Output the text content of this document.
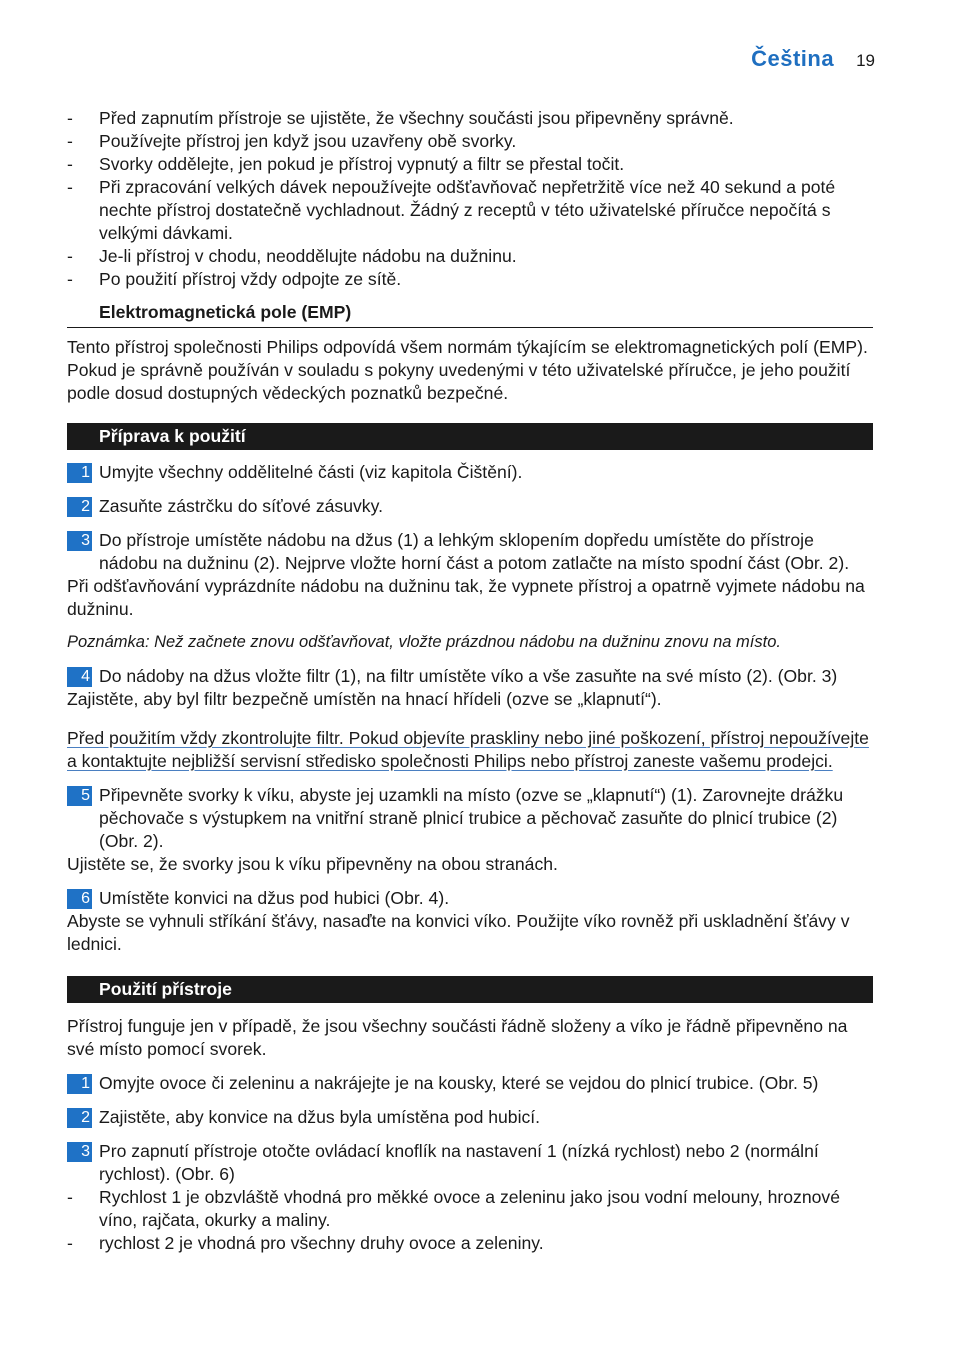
Čeština 19
- Před zapnutím přístroje se ujistěte, že všechny součásti jsou připevněny správně.
- Používejte přístroj jen když jsou uzavřeny obě svorky.
- Svorky oddělejte, jen pokud je přístroj vypnutý a filtr se přestal točit.
- Při zpracování velkých dávek nepoužívejte odšťavňovač nepřetržitě více než 40 sekund a poté nechte přístroj dostatečně vychladnout. Žádný z receptů v této uživatelské příručce nepočítá s velkými dávkami.
- Je-li přístroj v chodu, neoddělujte nádobu na dužninu.
- Po použití přístroj vždy odpojte ze sítě.
Elektromagnetická pole (EMP)
Tento přístroj společnosti Philips odpovídá všem normám týkajícím se elektromagnetických polí (EMP). Pokud je správně používán v souladu s pokyny uvedenými v této uživatelské příručce, je jeho použití podle dosud dostupných vědeckých poznatků bezpečné.
Příprava k použití
1 Umyjte všechny oddělitelné části (viz kapitola Čištění).
2 Zasuňte zástrčku do síťové zásuvky.
3 Do přístroje umístěte nádobu na džus (1) a lehkým sklopením dopředu umístěte do přístroje nádobu na dužninu (2). Nejprve vložte horní část a potom zatlačte na místo spodní část (Obr. 2).
Při odšťavňování vyprázdníte nádobu na dužninu tak, že vypnete přístroj a opatrně vyjmete nádobu na dužninu.
Poznámka: Než začnete znovu odšťavňovat, vložte prázdnou nádobu na dužninu znovu na místo.
4 Do nádoby na džus vložte filtr (1), na filtr umístěte víko a vše zasuňte na své místo (2). (Obr. 3)
Zajistěte, aby byl filtr bezpečně umístěn na hnací hřídeli (ozve se „klapnutí“).
Před použitím vždy zkontrolujte filtr. Pokud objevíte praskliny nebo jiné poškození, přístroj nepoužívejte a kontaktujte nejbližší servisní středisko společnosti Philips nebo přístroj zaneste vašemu prodejci.
5 Připevněte svorky k víku, abyste jej uzamkli na místo (ozve se „klapnutí“) (1). Zarovnejte drážku pěchovače s výstupkem na vnitřní straně plnicí trubice a pěchovač zasuňte do plnicí trubice (2) (Obr. 2).
Ujistěte se, že svorky jsou k víku připevněny na obou stranách.
6 Umístěte konvici na džus pod hubici (Obr. 4).
Abyste se vyhnuli stříkání šťávy, nasaďte na konvici víko. Použijte víko rovněž při uskladnění šťávy v lednici.
Použití přístroje
Přístroj funguje jen v případě, že jsou všechny součásti řádně složeny a víko je řádně připevněno na své místo pomocí svorek.
1 Omyjte ovoce či zeleninu a nakrájejte je na kousky, které se vejdou do plnicí trubice. (Obr. 5)
2 Zajistěte, aby konvice na džus byla umístěna pod hubicí.
3 Pro zapnutí přístroje otočte ovládací knoflík na nastavení 1 (nízká rychlost) nebo 2 (normální rychlost). (Obr. 6)
- Rychlost 1 je obzvláště vhodná pro měkké ovoce a zeleninu jako jsou vodní melouny, hroznové víno, rajčata, okurky a maliny.
- rychlost 2 je vhodná pro všechny druhy ovoce a zeleniny.
